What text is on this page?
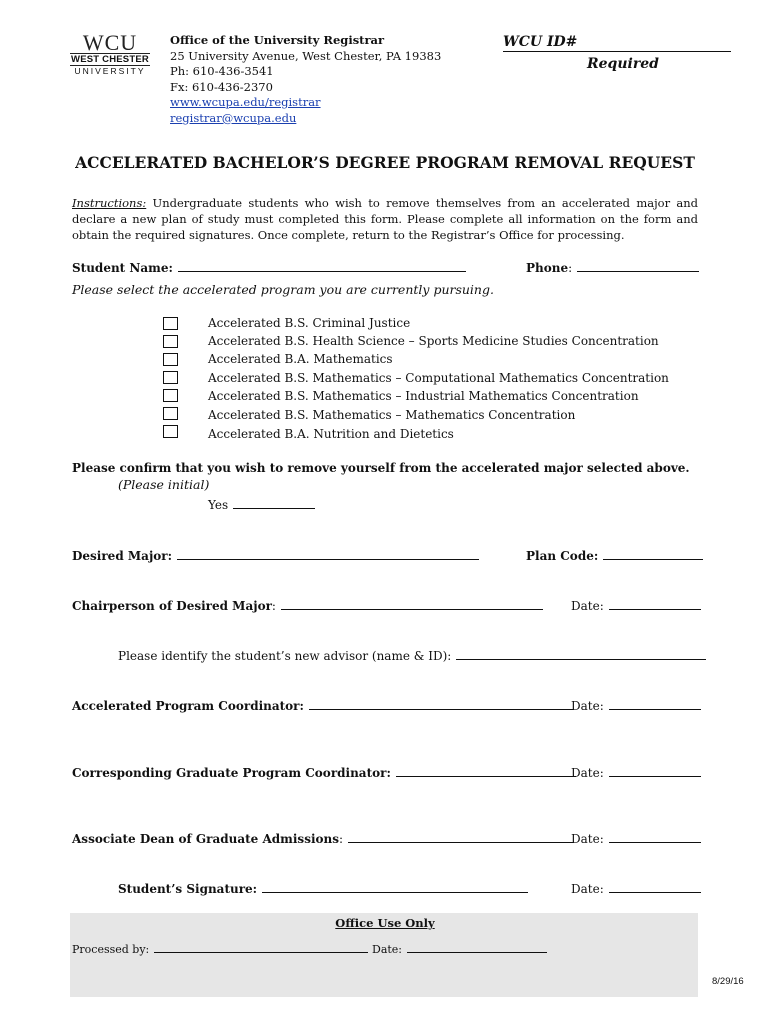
WCU
WEST CHESTER
UNIVERSITY
Office of the University Registrar
25 University Avenue, West Chester, PA 19383
Ph: 610-436-3541
Fx: 610-436-2370
www.wcupa.edu/registrar
registrar@wcupa.edu
WCU ID#
Required
ACCELERATED BACHELOR’S DEGREE PROGRAM REMOVAL REQUEST
Instructions: Undergraduate students who wish to remove themselves from an accelerated major and declare a new plan of study must completed this form. Please complete all information on the form and obtain the required signatures. Once complete, return to the Registrar’s Office for processing.
Student Name:	Phone:
Please select the accelerated program you are currently pursuing.
Accelerated B.S. Criminal Justice
Accelerated B.S. Health Science – Sports Medicine Studies Concentration
Accelerated B.A. Mathematics
Accelerated B.S. Mathematics – Computational Mathematics Concentration
Accelerated B.S. Mathematics – Industrial Mathematics Concentration
Accelerated B.S. Mathematics – Mathematics Concentration
Accelerated B.A. Nutrition and Dietetics
Please confirm that you wish to remove yourself from the accelerated major selected above.
(Please initial)
Yes
Desired Major:	Plan Code:
Chairperson of Desired Major:	Date:
Please identify the student’s new advisor (name & ID):
Accelerated Program Coordinator:	Date:
Corresponding Graduate Program Coordinator:	Date:
Associate Dean of Graduate Admissions:	Date:
Student’s Signature:	Date:
Office Use Only
Processed by:	Date:
8/29/16
